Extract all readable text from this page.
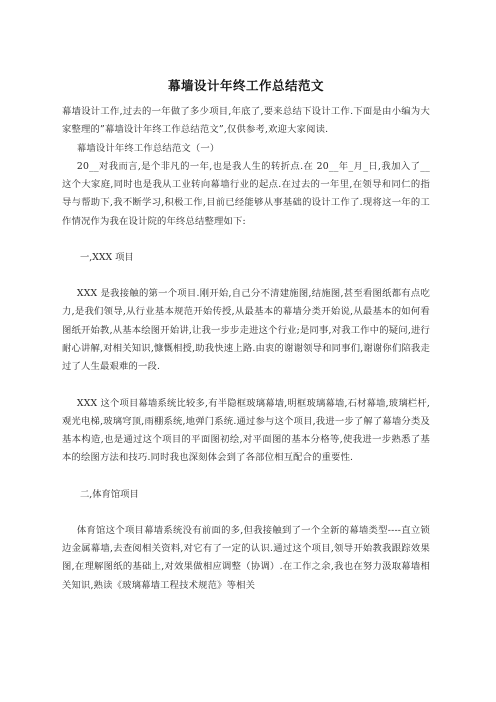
幕墙设计年终工作总结范文

幕墙设计工作,过去的一年做了多少项目,年底了,要来总结下设计工作.下面是由小编为大家整理的”幕墙设计年终工作总结范文”,仅供参考,欢迎大家阅读.

幕墙设计年终工作总结范文（一）

20__对我而言,是个非凡的一年,也是我人生的转折点.在 20__年_月_日,我加入了__这个大家庭,同时也是我从工业转向幕墙行业的起点.在过去的一年里,在领导和同仁的指导与帮助下,我不断学习,积极工作,目前已经能够从事基础的设计工作了.现将这一年的工作情况作为我在设计院的年终总结整理如下:

一,XXX 项目

XXX 是我接触的第一个项目.刚开始,自己分不清建施图,结施图,甚至看图纸都有点吃力,是我们领导,从行业基本规范开始传授,从最基本的幕墙分类开始说,从最基本的如何看图纸开始教,从基本绘图开始讲,让我一步步走进这个行业;是同事,对我工作中的疑问,进行耐心讲解,对相关知识,慷慨相授,助我快速上路.由衷的谢谢领导和同事们,谢谢你们陪我走过了人生最艰难的一段.

XXX 这个项目幕墙系统比较多,有半隐框玻璃幕墙,明框玻璃幕墙,石材幕墙,玻璃栏杆,观光电梯,玻璃穹顶,雨棚系统,地弹门系统.通过参与这个项目,我进一步了解了幕墙分类及基本构造,也是通过这个项目的平面图初绘,对平面图的基本分格等,使我进一步熟悉了基本的绘图方法和技巧.同时我也深刻体会到了各部位相互配合的重要性.

二,体育馆项目

体育馆这个项目幕墙系统没有前面的多,但我接触到了一个全新的幕墙类型----直立锁边金属幕墙,去查阅相关资料,对它有了一定的认识.通过这个项目,领导开始教我跟踪效果图,在理解图纸的基础上,对效果做相应调整（协调）.在工作之余,我也在努力汲取幕墙相关知识,熟读《玻璃幕墙工程技术规范》等相关
